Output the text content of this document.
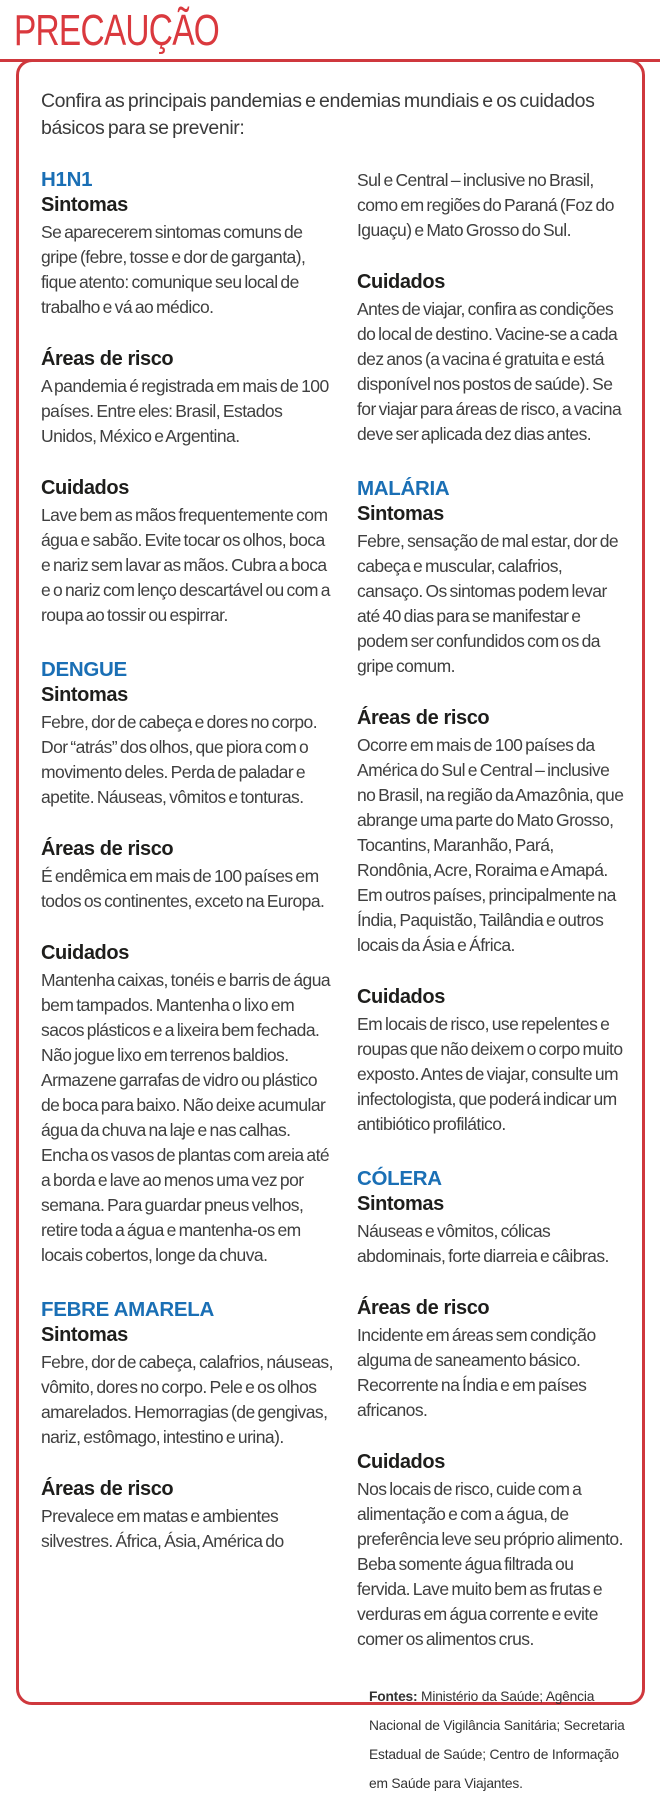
PRECAUÇÃO

Confira as principais pandemias e endemias mundiais e os cuidados básicos para se prevenir:

H1N1
Sintomas

Se aparecerem sintomas comuns de gripe (febre, tosse e dor de garganta), fique atento: comunique seu local de trabalho e vá ao médico.

Áreas de risco

A pandemia é registrada em mais de 100 países. Entre eles: Brasil, Estados Unidos, México e Argentina.

Cuidados

Lave bem as mãos frequentemente com água e sabão. Evite tocar os olhos, boca e nariz sem lavar as mãos. Cubra a boca e o nariz com lenço descartável ou com a roupa ao tossir ou espirrar.

DENGUE
Sintomas

Febre, dor de cabeça e dores no corpo. Dor “atrás” dos olhos, que piora com o movimento deles. Perda de paladar e apetite. Náuseas, vômitos e tonturas.

Áreas de risco

É endêmica em mais de 100 países em todos os continentes, exceto na Europa.

Cuidados

Mantenha caixas, tonéis e barris de água bem tampados. Mantenha o lixo em sacos plásticos e a lixeira bem fechada. Não jogue lixo em terrenos baldios. Armazene garrafas de vidro ou plástico de boca para baixo. Não deixe acumular água da chuva na laje e nas calhas. Encha os vasos de plantas com areia até a borda e lave ao menos uma vez por semana. Para guardar pneus velhos, retire toda a água e mantenha-os em locais cobertos, longe da chuva.

FEBRE AMARELA
Sintomas

Febre, dor de cabeça, calafrios, náuseas, vômito, dores no corpo. Pele e os olhos amarelados. Hemorragias (de gengivas, nariz, estômago, intestino e urina).

Áreas de risco

Prevalece em matas e ambientes silvestres. África, Ásia, América do

Sul e Central – inclusive no Brasil, como em regiões do Paraná (Foz do Iguaçu) e Mato Grosso do Sul.

Cuidados

Antes de viajar, confira as condições do local de destino. Vacine-se a cada dez anos (a vacina é gratuita e está disponível nos postos de saúde). Se for viajar para áreas de risco, a vacina deve ser aplicada dez dias antes.

MALÁRIA
Sintomas

Febre, sensação de mal estar, dor de cabeça e muscular, calafrios, cansaço. Os sintomas podem levar até 40 dias para se manifestar e podem ser confundidos com os da gripe comum.

Áreas de risco

Ocorre em mais de 100 países da América do Sul e Central – inclusive no Brasil, na região da Amazônia, que abrange uma parte do Mato Grosso, Tocantins, Maranhão, Pará, Rondônia, Acre, Roraima e Amapá. Em outros países, principalmente na Índia, Paquistão, Tailândia e outros locais da Ásia e África.

Cuidados

Em locais de risco, use repelentes e roupas que não deixem o corpo muito exposto. Antes de viajar, consulte um infectologista, que poderá indicar um antibiótico profilático.

CÓLERA
Sintomas

Náuseas e vômitos, cólicas abdominais, forte diarreia e câibras.

Áreas de risco

Incidente em áreas sem condição alguma de saneamento básico. Recorrente na Índia e em países africanos.

Cuidados

Nos locais de risco, cuide com a alimentação e com a água, de preferência leve seu próprio alimento. Beba somente água filtrada ou fervida. Lave muito bem as frutas e verduras em água corrente e evite comer os alimentos crus.

Fontes: Ministério da Saúde; Agência Nacional de Vigilância Sanitária; Secretaria Estadual de Saúde; Centro de Informação em Saúde para Viajantes.
